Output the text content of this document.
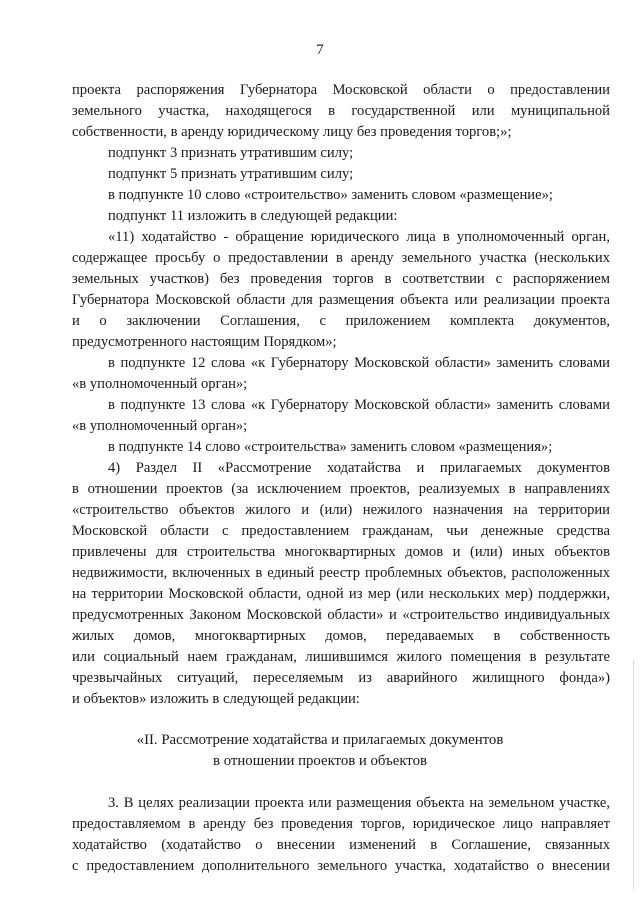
7
проекта распоряжения Губернатора Московской области о предоставлении
земельного участка, находящегося в государственной или муниципальной
собственности, в аренду юридическому лицу без проведения торгов;»;
подпункт 3 признать утратившим силу;
подпункт 5 признать утратившим силу;
в подпункте 10 слово «строительство» заменить словом «размещение»;
подпункт 11 изложить в следующей редакции:
«11) ходатайство - обращение юридического лица в уполномоченный орган,
содержащее просьбу о предоставлении в аренду земельного участка (нескольких
земельных участков) без проведения торгов в соответствии с распоряжением
Губернатора Московской области для размещения объекта или реализации проекта
и о заключении Соглашения, с приложением комплекта документов,
предусмотренного настоящим Порядком»;
в подпункте 12 слова «к Губернатору Московской области» заменить словами
«в уполномоченный орган»;
в подпункте 13 слова «к Губернатору Московской области» заменить словами
«в уполномоченный орган»;
в подпункте 14 слово «строительства» заменить словом «размещения»;
4) Раздел II «Рассмотрение ходатайства и прилагаемых документов
в отношении проектов (за исключением проектов, реализуемых в направлениях
«строительство объектов жилого и (или) нежилого назначения на территории
Московской области с предоставлением гражданам, чьи денежные средства
привлечены для строительства многоквартирных домов и (или) иных объектов
недвижимости, включенных в единый реестр проблемных объектов, расположенных
на территории Московской области, одной из мер (или нескольких мер) поддержки,
предусмотренных Законом Московской области» и «строительство индивидуальных
жилых домов, многоквартирных домов, передаваемых в собственность
или социальный наем гражданам, лишившимся жилого помещения в результате
чрезвычайных ситуаций, переселяемым из аварийного жилищного фонда»)
и объектов» изложить в следующей редакции:
«II. Рассмотрение ходатайства и прилагаемых документов
в отношении проектов и объектов
3. В целях реализации проекта или размещения объекта на земельном участке,
предоставляемом в аренду без проведения торгов, юридическое лицо направляет
ходатайство (ходатайство о внесении изменений в Соглашение, связанных
с предоставлением дополнительного земельного участка, ходатайство о внесении
